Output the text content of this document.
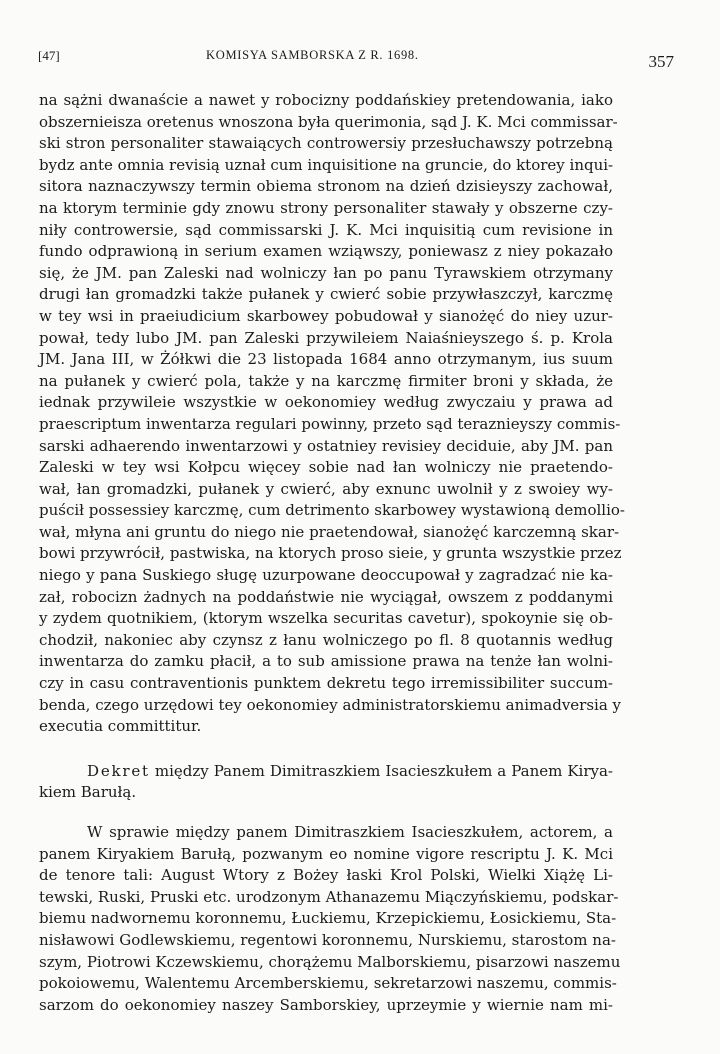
[47]	KOMISYA SAMBORSKA Z R. 1698.	357
na sążni dwanaście a nawet y robocizny poddańskiey pretendowania, iako
obszernieisza oretenus wnoszona była querimonia, sąd J. K. Mci commissar-
ski stron personaliter stawaiących controwersiy przesłuchawszy potrzebną
bydz ante omnia revisią uznał cum inquisitione na gruncie, do ktorey inqui-
sitora naznaczywszy termin obiema stronom na dzień dzisieyszy zachował,
na ktorym terminie gdy znowu strony personaliter stawały y obszerne czy-
niły controwersie, sąd commissarski J. K. Mci inquisitią cum revisione in
fundo odprawioną in serium examen wziąwszy, poniewasz z niey pokazało
się, że JM. pan Zaleski nad wolniczy łan po panu Tyrawskiem otrzymany
drugi łan gromadzki także pułanek y cwierć sobie przywłaszczył, karczmę
w tey wsi in praeiudicium skarbowey pobudował y sianożęć do niey uzur-
pował, tedy lubo JM. pan Zaleski przywileiem Naiaśnieyszego ś. p. Krola
JM. Jana III, w Żółkwi die 23 listopada 1684 anno otrzymanym, ius suum
na pułanek y cwierć pola, także y na karczmę firmiter broni y składa, że
iednak przywileie wszystkie w oekonomiey według zwyczaiu y prawa ad
praescriptum inwentarza regulari powinny, przeto sąd teraznieyszy commis-
sarski adhaerendo inwentarzowi y ostatniey revisiey deciduie, aby JM. pan
Zaleski w tey wsi Kołpcu więcey sobie nad łan wolniczy nie praetendo-
wał, łan gromadzki, pułanek y cwierć, aby exnunc uwolnił y z swoiey wy-
puścił possessiey karczmę, cum detrimento skarbowey wystawioną demollio-
wał, młyna ani gruntu do niego nie praetendował, sianożęć karczemną skar-
bowi przywrócił, pastwiska, na ktorych proso sieie, y grunta wszystkie przez
niego y pana Suskiego sługę uzurpowane deoccupował y zagradzać nie ka-
zał, robocizn żadnych na poddaństwie nie wyciągał, owszem z poddanymi
y zydem quotnikiem, (ktorym wszelka securitas cavetur), spokoynie się ob-
chodził, nakoniec aby czynsz z łanu wolniczego po fl. 8 quotannis według
inwentarza do zamku płacił, a to sub amissione prawa na tenże łan wolni-
czy in casu contraventionis punktem dekretu tego irremissibiliter succum-
benda, czego urzędowi tey oekonomiey administratorskiemu animadversia y
executia committitur.
Dekret między Panem Dimitraszkiem Isacieszkułem a Panem Kirya-
kiem Barułą.
W sprawie między panem Dimitraszkiem Isacieszkułem, actorem, a
panem Kiryakiem Barułą, pozwanym eo nomine vigore rescriptu J. K. Mci
de tenore tali: August Wtory z Bożey łaski Krol Polski, Wielki Xiążę Li-
tewski, Ruski, Pruski etc. urodzonym Athanazemu Miączyńskiemu, podskar-
biemu nadwornemu koronnemu, Łuckiemu, Krzepickiemu, Łosickiemu, Sta-
nisławowi Godlewskiemu, regentowi koronnemu, Nurskiemu, starostom na-
szym, Piotrowi Kczewskiemu, chorążemu Malborskiemu, pisarzowi naszemu
pokoiowemu, Walentemu Arcemberskiemu, sekretarzowi naszemu, commis-
sarzom do oekonomiey naszey Samborskiey, uprzeymie y wiernie nam mi-
